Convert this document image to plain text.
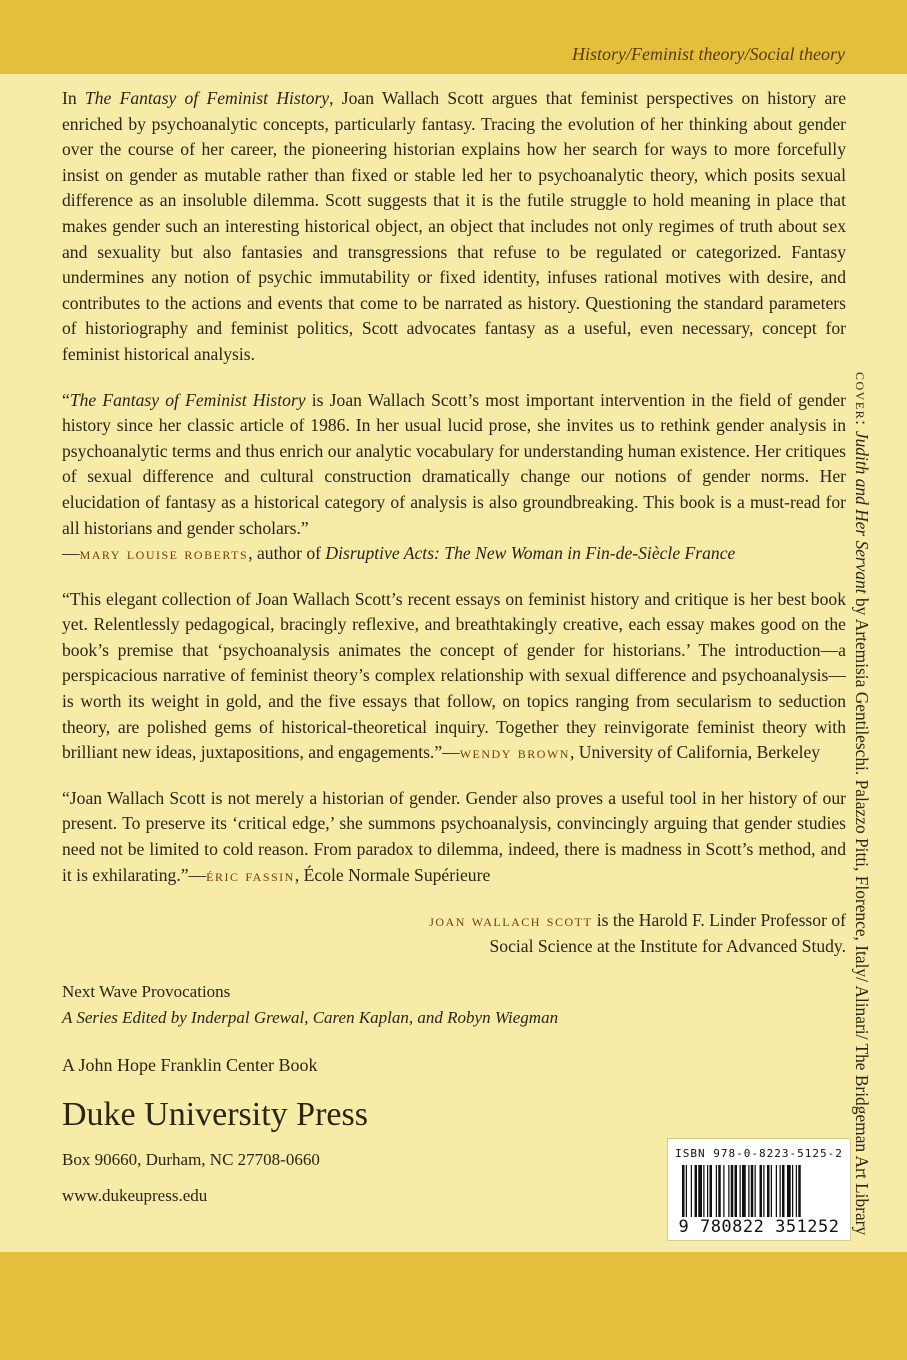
History/Feminist theory/Social theory

In The Fantasy of Feminist History, Joan Wallach Scott argues that feminist perspectives on history are enriched by psychoanalytic concepts, particularly fantasy. Tracing the evolution of her thinking about gender over the course of her career, the pioneering historian explains how her search for ways to more forcefully insist on gender as mutable rather than fixed or stable led her to psychoanalytic theory, which posits sexual difference as an insoluble dilemma. Scott suggests that it is the futile struggle to hold meaning in place that makes gender such an interesting historical object, an object that includes not only regimes of truth about sex and sexuality but also fantasies and transgressions that refuse to be regulated or categorized. Fantasy undermines any notion of psychic immutability or fixed identity, infuses rational motives with desire, and contributes to the actions and events that come to be narrated as history. Questioning the standard parameters of historiography and feminist politics, Scott advocates fantasy as a useful, even necessary, concept for feminist historical analysis.

“The Fantasy of Feminist History is Joan Wallach Scott’s most important intervention in the field of gender history since her classic article of 1986. In her usual lucid prose, she invites us to rethink gender analysis in psychoanalytic terms and thus enrich our analytic vocabulary for understanding human existence. Her critiques of sexual difference and cultural construction dramatically change our notions of gender norms. Her elucidation of fantasy as a historical category of analysis is also groundbreaking. This book is a must-read for all historians and gender scholars.”
—mary louise roberts, author of Disruptive Acts: The New Woman in Fin-de-Siècle France

“This elegant collection of Joan Wallach Scott’s recent essays on feminist history and critique is her best book yet. Relentlessly pedagogical, bracingly reflexive, and breathtakingly creative, each essay makes good on the book’s premise that ‘psychoanalysis animates the concept of gender for historians.’ The introduction—a perspicacious narrative of feminist theory’s complex relationship with sexual difference and psychoanalysis—is worth its weight in gold, and the five essays that follow, on topics ranging from secularism to seduction theory, are polished gems of historical-theoretical inquiry. Together they reinvigorate feminist theory with brilliant new ideas, juxtapositions, and engagements.”—wendy brown, University of California, Berkeley

“Joan Wallach Scott is not merely a historian of gender. Gender also proves a useful tool in her history of our present. To preserve its ‘critical edge,’ she summons psychoanalysis, convincingly arguing that gender studies need not be limited to cold reason. From paradox to dilemma, indeed, there is madness in Scott’s method, and it is exhilarating.”—éric fassin, École Normale Supérieure

joan wallach scott is the Harold F. Linder Professor of
Social Science at the Institute for Advanced Study.

Next Wave Provocations
A Series Edited by Inderpal Grewal, Caren Kaplan, and Robyn Wiegman
A John Hope Franklin Center Book
Duke University Press
Box 90660, Durham, NC 27708-0660
www.dukeupress.edu
cover: Judith and Her Servant by Artemisia Gentileschi. Palazzo Pitti, Florence, Italy/ Alinari/ The Bridgeman Art Library
ISBN 978-0-8223-5125-2
9 780822 351252
